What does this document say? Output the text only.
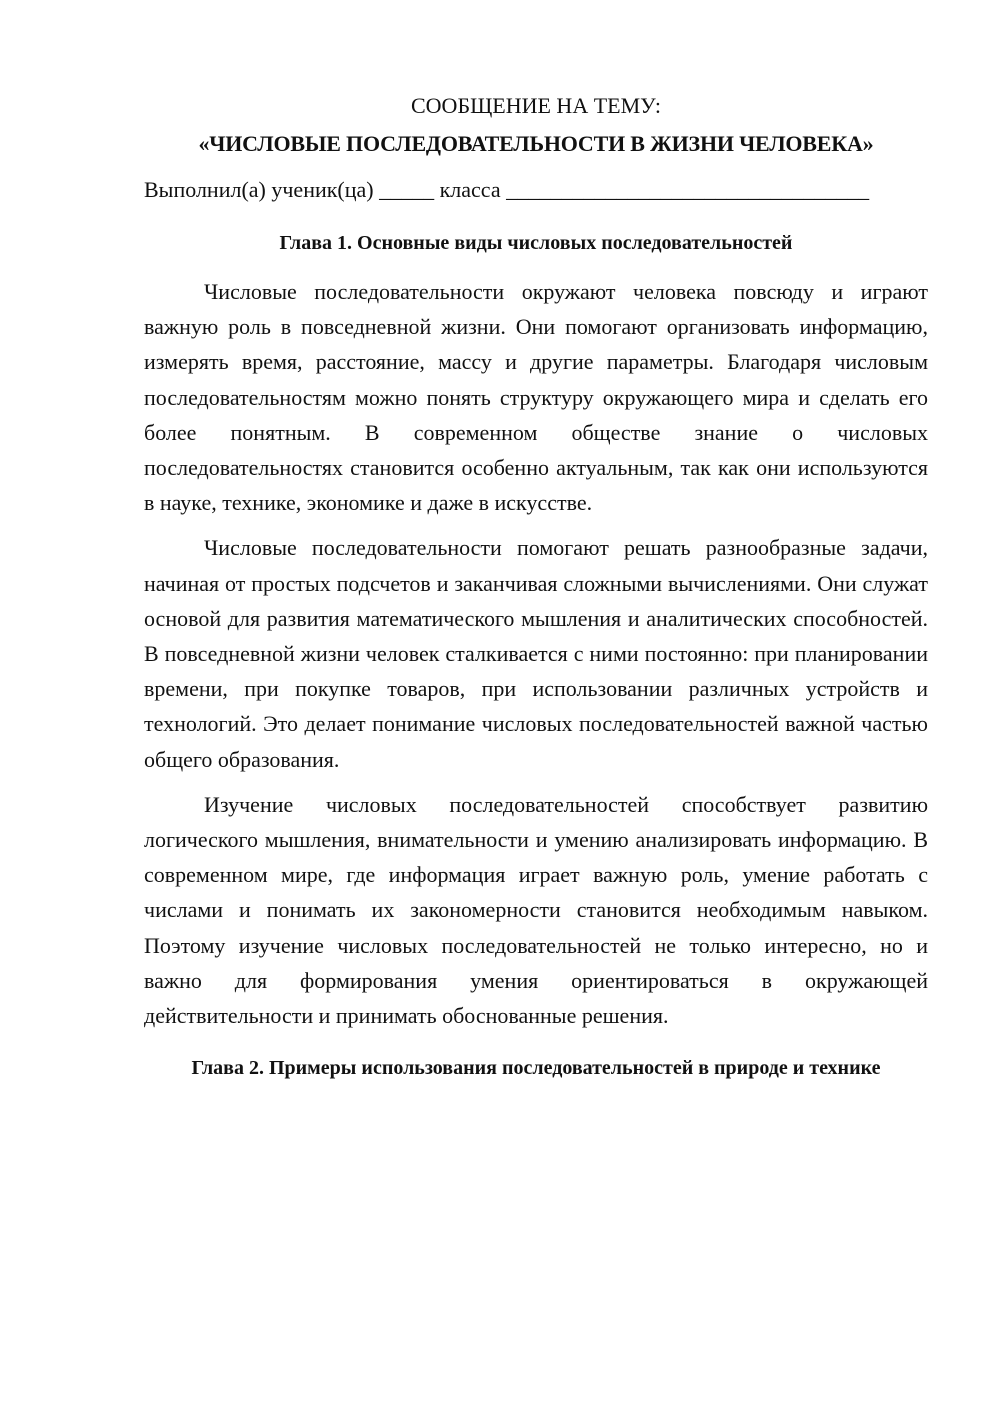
СООБЩЕНИЕ НА ТЕМУ:

«ЧИСЛОВЫЕ ПОСЛЕДОВАТЕЛЬНОСТИ В ЖИЗНИ ЧЕЛОВЕКА»

Выполнил(а) ученик(ца) _____ класса _________________________________

Глава 1. Основные виды числовых последовательностей

Числовые последовательности окружают человека повсюду и играют важную роль в повседневной жизни. Они помогают организовать информацию, измерять время, расстояние, массу и другие параметры. Благодаря числовым последовательностям можно понять структуру окружающего мира и сделать его более понятным. В современном обществе знание о числовых последовательностях становится особенно актуальным, так как они используются в науке, технике, экономике и даже в искусстве.

Числовые последовательности помогают решать разнообразные задачи, начиная от простых подсчетов и заканчивая сложными вычислениями. Они служат основой для развития математического мышления и аналитических способностей. В повседневной жизни человек сталкивается с ними постоянно: при планировании времени, при покупке товаров, при использовании различных устройств и технологий. Это делает понимание числовых последовательностей важной частью общего образования.

Изучение числовых последовательностей способствует развитию логического мышления, внимательности и умению анализировать информацию. В современном мире, где информация играет важную роль, умение работать с числами и понимать их закономерности становится необходимым навыком. Поэтому изучение числовых последовательностей не только интересно, но и важно для формирования умения ориентироваться в окружающей действительности и принимать обоснованные решения.

Глава 2. Примеры использования последовательностей в природе и технике
